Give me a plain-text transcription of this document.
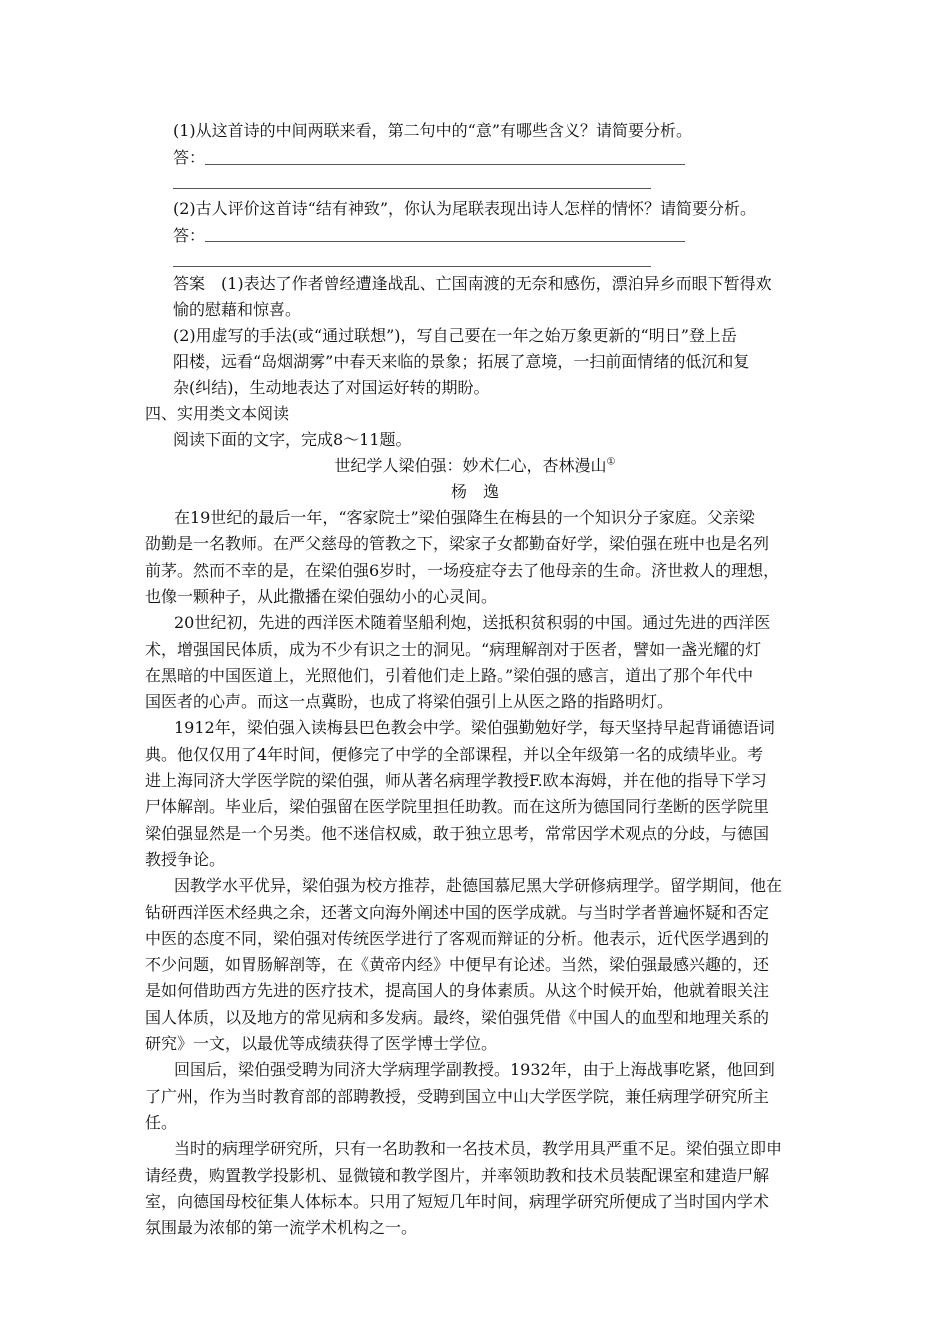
(1)从这首诗的中间两联来看，第二句中的“意”有哪些含义？请简要分析。
答：
(2)古人评价这首诗“结有神致”，你认为尾联表现出诗人怎样的情怀？请简要分析。
答：
答案　(1)表达了作者曾经遭逢战乱、亡国南渡的无奈和感伤，漂泊异乡而眼下暂得欢
愉的慰藉和惊喜。
(2)用虚写的手法(或“通过联想”)，写自己要在一年之始万象更新的“明日”登上岳
阳楼，远看“岛烟湖雾”中春天来临的景象；拓展了意境，一扫前面情绪的低沉和复
杂(纠结)，生动地表达了对国运好转的期盼。
四、实用类文本阅读
阅读下面的文字，完成8～11题。
世纪学人梁伯强：妙术仁心，杏林漫山①
杨　逸
在19世纪的最后一年，“客家院士”梁伯强降生在梅县的一个知识分子家庭。父亲梁
劭勤是一名教师。在严父慈母的管教之下，梁家子女都勤奋好学，梁伯强在班中也是名列
前茅。然而不幸的是，在梁伯强6岁时，一场疫症夺去了他母亲的生命。济世救人的理想，
也像一颗种子，从此撒播在梁伯强幼小的心灵间。
20世纪初，先进的西洋医术随着坚船利炮，送抵积贫积弱的中国。通过先进的西洋医
术，增强国民体质，成为不少有识之士的洞见。“病理解剖对于医者，譬如一盏光耀的灯
在黑暗的中国医道上，光照他们，引着他们走上路。”梁伯强的感言，道出了那个年代中
国医者的心声。而这一点冀盼，也成了将梁伯强引上从医之路的指路明灯。
1912年，梁伯强入读梅县巴色教会中学。梁伯强勤勉好学，每天坚持早起背诵德语词
典。他仅仅用了4年时间，便修完了中学的全部课程，并以全年级第一名的成绩毕业。考
进上海同济大学医学院的梁伯强，师从著名病理学教授F.欧本海姆，并在他的指导下学习
尸体解剖。毕业后，梁伯强留在医学院里担任助教。而在这所为德国同行垄断的医学院里
梁伯强显然是一个另类。他不迷信权威，敢于独立思考，常常因学术观点的分歧，与德国
教授争论。
因教学水平优异，梁伯强为校方推荐，赴德国慕尼黑大学研修病理学。留学期间，他在
钻研西洋医术经典之余，还著文向海外阐述中国的医学成就。与当时学者普遍怀疑和否定
中医的态度不同，梁伯强对传统医学进行了客观而辩证的分析。他表示，近代医学遇到的
不少问题，如胃肠解剖等，在《黄帝内经》中便早有论述。当然，梁伯强最感兴趣的，还
是如何借助西方先进的医疗技术，提高国人的身体素质。从这个时候开始，他就着眼关注
国人体质，以及地方的常见病和多发病。最终，梁伯强凭借《中国人的血型和地理关系的
研究》一文，以最优等成绩获得了医学博士学位。
回国后，梁伯强受聘为同济大学病理学副教授。1932年，由于上海战事吃紧，他回到
了广州，作为当时教育部的部聘教授，受聘到国立中山大学医学院，兼任病理学研究所主
任。
当时的病理学研究所，只有一名助教和一名技术员，教学用具严重不足。梁伯强立即申
请经费，购置教学投影机、显微镜和教学图片，并率领助教和技术员装配课室和建造尸解
室，向德国母校征集人体标本。只用了短短几年时间，病理学研究所便成了当时国内学术
氛围最为浓郁的第一流学术机构之一。
